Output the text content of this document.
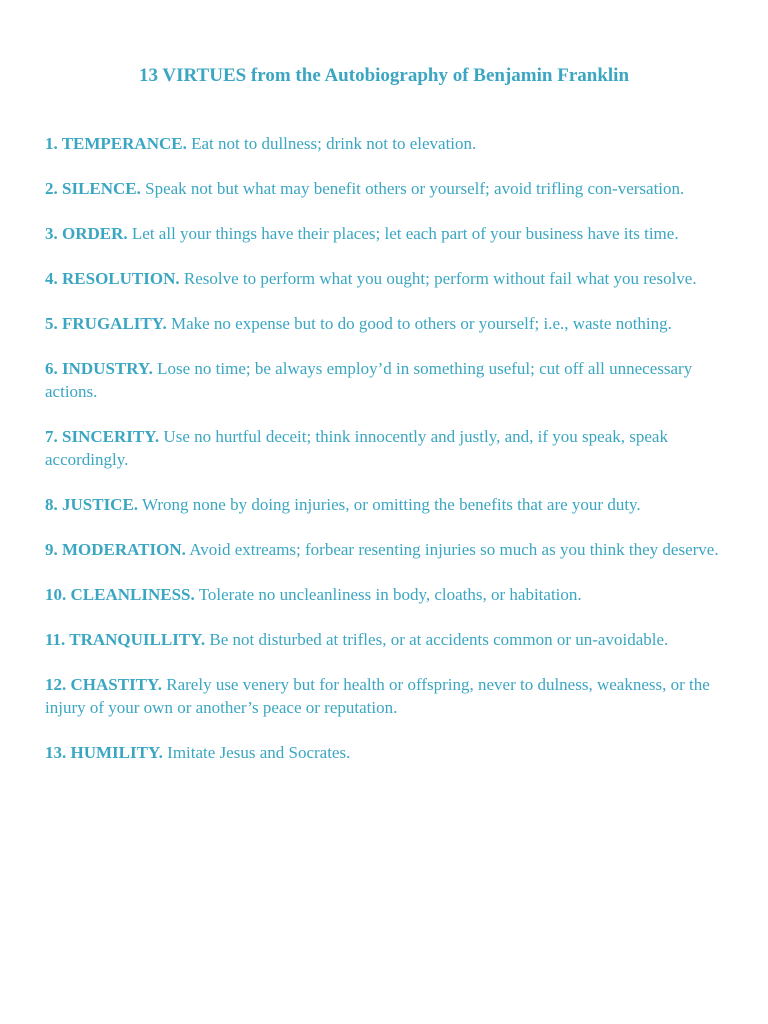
13 VIRTUES from the Autobiography of Benjamin Franklin
1. TEMPERANCE. Eat not to dullness; drink not to elevation.
2. SILENCE. Speak not but what may benefit others or yourself; avoid trifling con-versation.
3. ORDER. Let all your things have their places; let each part of your business have its time.
4. RESOLUTION. Resolve to perform what you ought; perform without fail what you resolve.
5. FRUGALITY. Make no expense but to do good to others or yourself; i.e., waste nothing.
6. INDUSTRY. Lose no time; be always employ’d in something useful; cut off all unnecessary actions.
7. SINCERITY. Use no hurtful deceit; think innocently and justly, and, if you speak, speak accordingly.
8. JUSTICE. Wrong none by doing injuries, or omitting the benefits that are your duty.
9. MODERATION. Avoid extreams; forbear resenting injuries so much as you think they deserve.
10. CLEANLINESS. Tolerate no uncleanliness in body, cloaths, or habitation.
11. TRANQUILLITY. Be not disturbed at trifles, or at accidents common or un-avoidable.
12. CHASTITY. Rarely use venery but for health or offspring, never to dulness, weakness, or the injury of your own or another’s peace or reputation.
13. HUMILITY. Imitate Jesus and Socrates.
